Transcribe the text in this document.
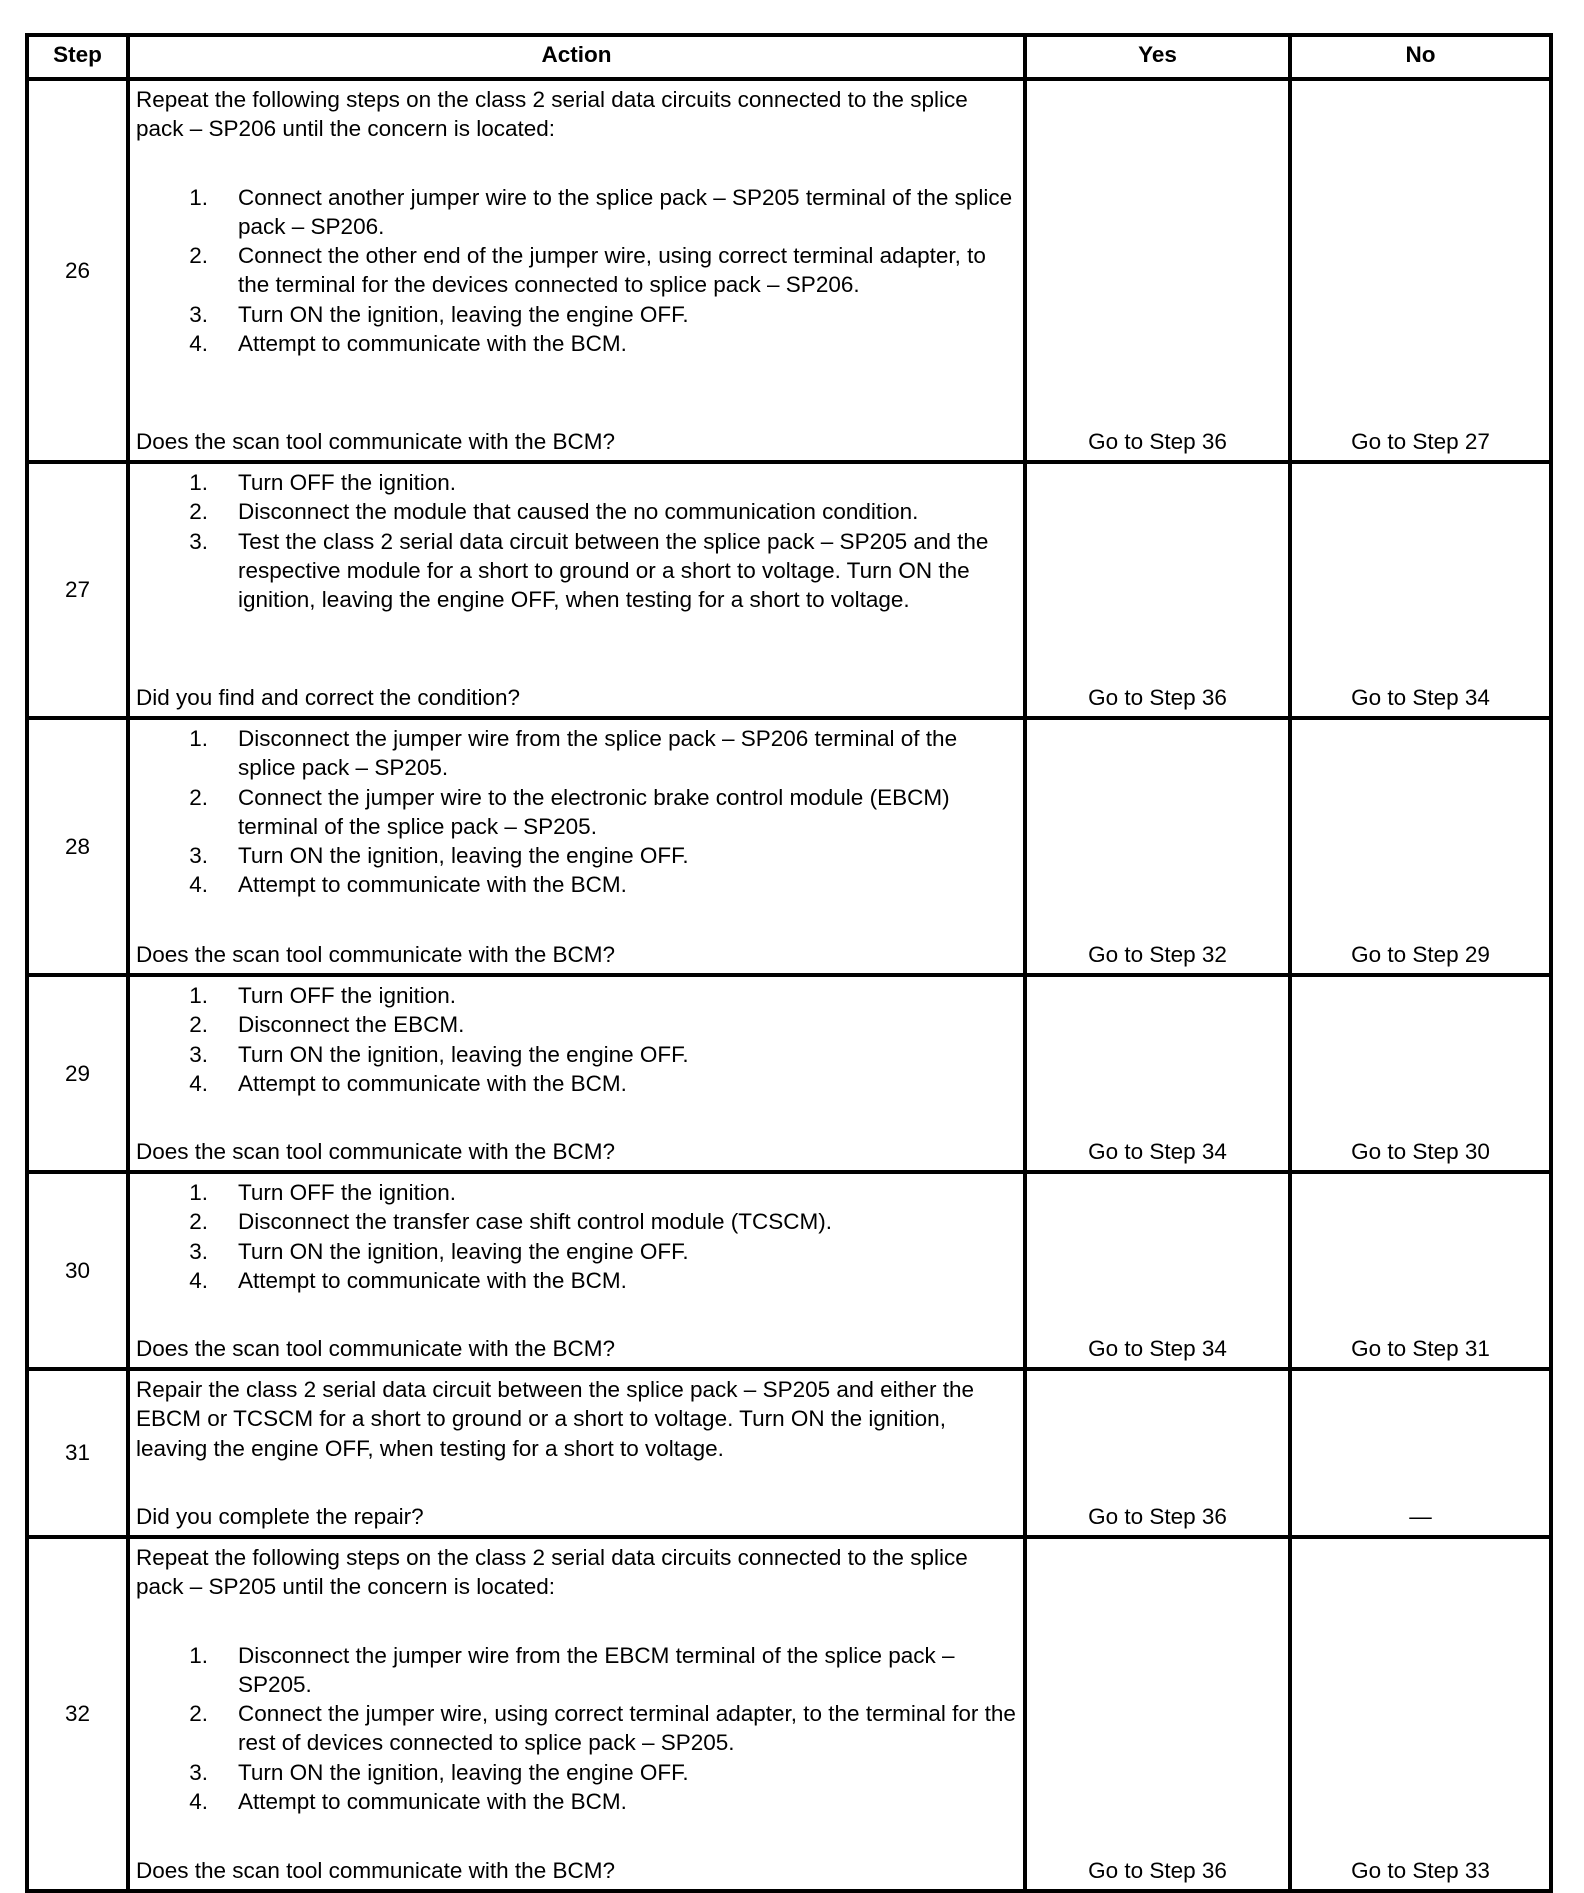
Step	Action	Yes	No
26
Repeat the following steps on the class 2 serial data circuits connected to the splice pack – SP206 until the concern is located:
1.	Connect another jumper wire to the splice pack – SP205 terminal of the splice pack – SP206.
2.	Connect the other end of the jumper wire, using correct terminal adapter, to the terminal for the devices connected to splice pack – SP206.
3.	Turn ON the ignition, leaving the engine OFF.
4.	Attempt to communicate with the BCM.
Does the scan tool communicate with the BCM?	Go to Step 36	Go to Step 27
27
1.	Turn OFF the ignition.
2.	Disconnect the module that caused the no communication condition.
3.	Test the class 2 serial data circuit between the splice pack – SP205 and the respective module for a short to ground or a short to voltage. Turn ON the ignition, leaving the engine OFF, when testing for a short to voltage.
Did you find and correct the condition?	Go to Step 36	Go to Step 34
28
1.	Disconnect the jumper wire from the splice pack – SP206 terminal of the splice pack – SP205.
2.	Connect the jumper wire to the electronic brake control module (EBCM) terminal of the splice pack – SP205.
3.	Turn ON the ignition, leaving the engine OFF.
4.	Attempt to communicate with the BCM.
Does the scan tool communicate with the BCM?	Go to Step 32	Go to Step 29
29
1.	Turn OFF the ignition.
2.	Disconnect the EBCM.
3.	Turn ON the ignition, leaving the engine OFF.
4.	Attempt to communicate with the BCM.
Does the scan tool communicate with the BCM?	Go to Step 34	Go to Step 30
30
1.	Turn OFF the ignition.
2.	Disconnect the transfer case shift control module (TCSCM).
3.	Turn ON the ignition, leaving the engine OFF.
4.	Attempt to communicate with the BCM.
Does the scan tool communicate with the BCM?	Go to Step 34	Go to Step 31
31
Repair the class 2 serial data circuit between the splice pack – SP205 and either the EBCM or TCSCM for a short to ground or a short to voltage. Turn ON the ignition, leaving the engine OFF, when testing for a short to voltage.
Did you complete the repair?	Go to Step 36	—
32
Repeat the following steps on the class 2 serial data circuits connected to the splice pack – SP205 until the concern is located:
1.	Disconnect the jumper wire from the EBCM terminal of the splice pack – SP205.
2.	Connect the jumper wire, using correct terminal adapter, to the terminal for the rest of devices connected to splice pack – SP205.
3.	Turn ON the ignition, leaving the engine OFF.
4.	Attempt to communicate with the BCM.
Does the scan tool communicate with the BCM?	Go to Step 36	Go to Step 33
